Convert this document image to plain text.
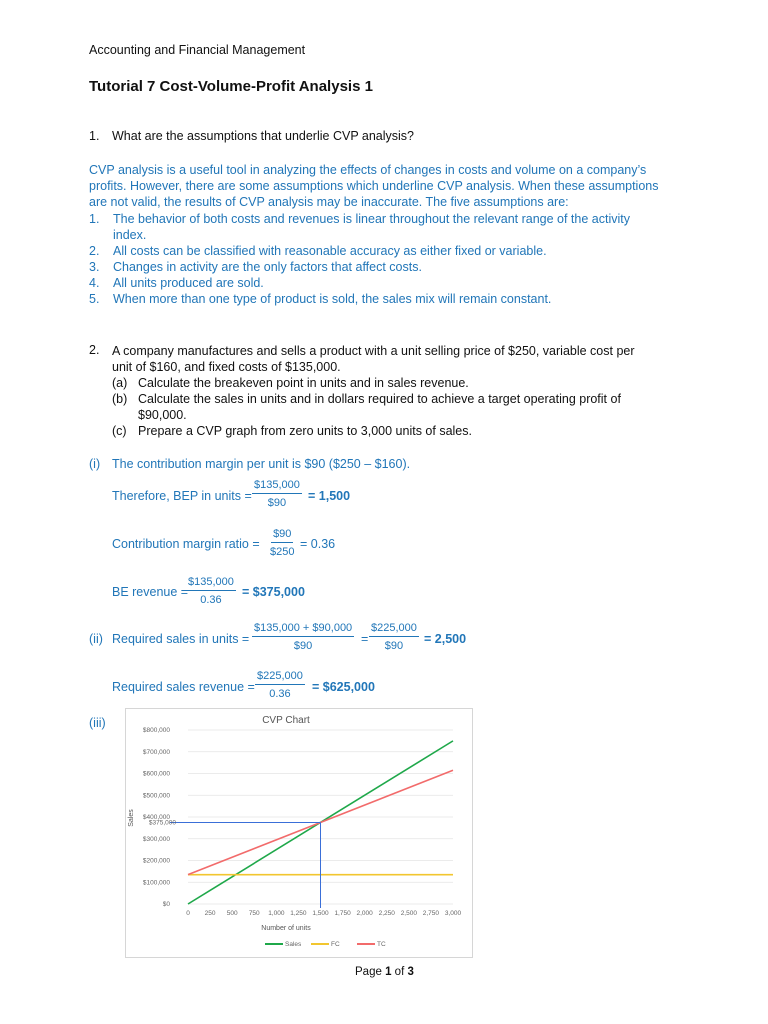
Accounting and Financial Management
Tutorial 7 Cost-Volume-Profit Analysis 1
1. What are the assumptions that underlie CVP analysis?
CVP analysis is a useful tool in analyzing the effects of changes in costs and volume on a company’s
profits. However, there are some assumptions which underline CVP analysis. When these assumptions
are not valid, the results of CVP analysis may be inaccurate. The five assumptions are:
1. The behavior of both costs and revenues is linear throughout the relevant range of the activity
index.
2. All costs can be classified with reasonable accuracy as either fixed or variable.
3. Changes in activity are the only factors that affect costs.
4. All units produced are sold.
5. When more than one type of product is sold, the sales mix will remain constant.
2. A company manufactures and sells a product with a unit selling price of $250, variable cost per
unit of $160, and fixed costs of $135,000.
(a) Calculate the breakeven point in units and in sales revenue.
(b) Calculate the sales in units and in dollars required to achieve a target operating profit of
$90,000.
(c) Prepare a CVP graph from zero units to 3,000 units of sales.
(i) The contribution margin per unit is $90 ($250 – $160).
Therefore, BEP in units = $\frac{\$135,000}{\$90} = 1,500$
Contribution margin ratio = $\frac{\$90}{\$250} = 0.36$
BE revenue =
$\frac{\$135,000}{0.36}$ = $375,000
(ii) Required sales in units = $\frac{\$135,000 + \$90,000}{\$90} = \frac{\$225,000}{\$90} = 2,500$
Required sales revenue = $\frac{\$225,000}{0.36}$ = $625,000
(iii)	CVP Chart
$0
$100,000
$200,000
$300,000
$400,000
$500,000
$600,000
$700,000
$800,000
0 250 500 750 1,000 1,250 1,500 1,750 2,000 2,250 2,500 2,750 3,000
$375,000
Number of units
Sales
Sales	FC	TC
Page 1 of 3
